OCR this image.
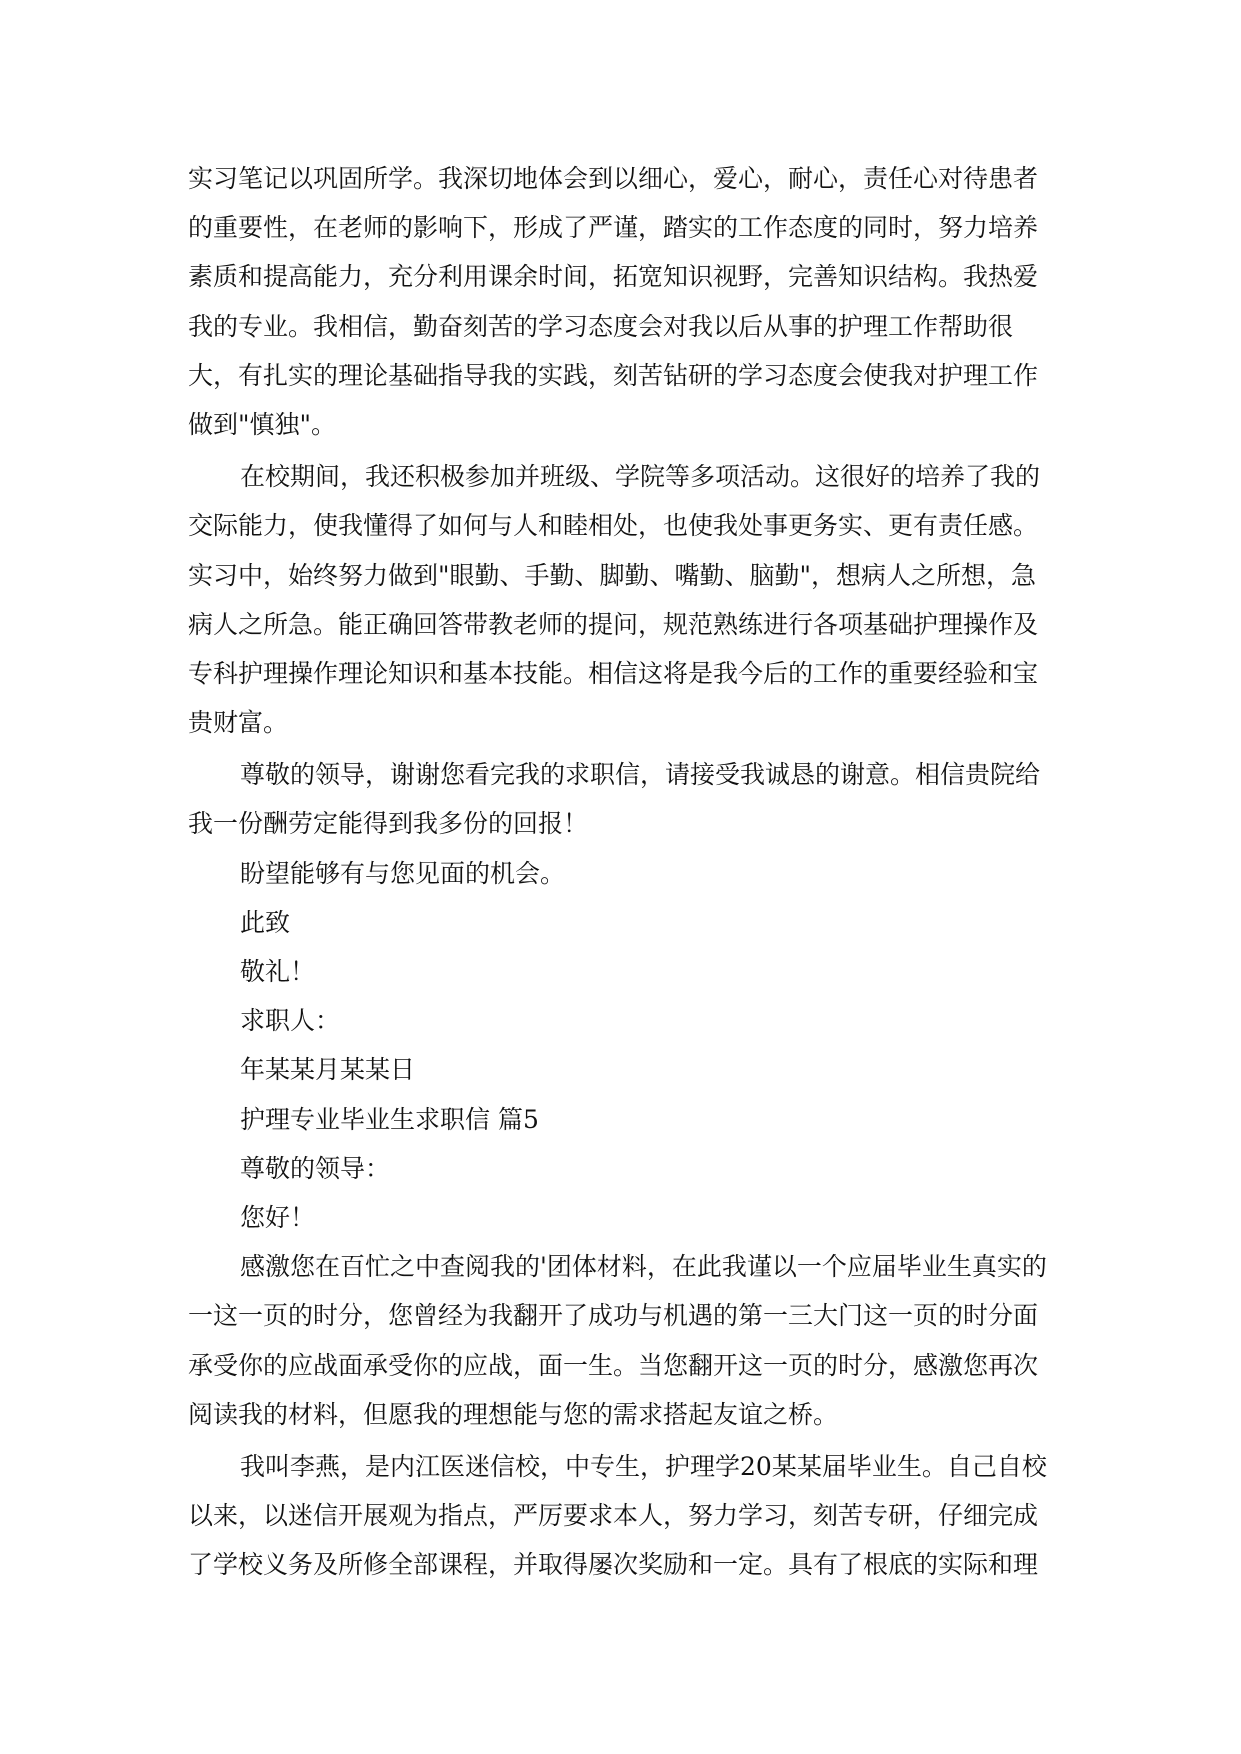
实习笔记以巩固所学。我深切地体会到以细心，爱心，耐心，责任心对待患者

的重要性，在老师的影响下，形成了严谨，踏实的工作态度的同时，努力培养

素质和提高能力，充分利用课余时间，拓宽知识视野，完善知识结构。我热爱

我的专业。我相信，勤奋刻苦的学习态度会对我以后从事的护理工作帮助很

大，有扎实的理论基础指导我的实践，刻苦钻研的学习态度会使我对护理工作

做到"慎独"。

在校期间，我还积极参加并班级、学院等多项活动。这很好的培养了我的

交际能力，使我懂得了如何与人和睦相处，也使我处事更务实、更有责任感。

实习中，始终努力做到"眼勤、手勤、脚勤、嘴勤、脑勤"，想病人之所想，急

病人之所急。能正确回答带教老师的提问，规范熟练进行各项基础护理操作及

专科护理操作理论知识和基本技能。相信这将是我今后的工作的重要经验和宝

贵财富。

尊敬的领导，谢谢您看完我的求职信，请接受我诚恳的谢意。相信贵院给

我一份酬劳定能得到我多份的回报！

盼望能够有与您见面的机会。

此致

敬礼！

求职人：

年某某月某某日

护理专业毕业生求职信 篇5

尊敬的领导：

您好！

感激您在百忙之中查阅我的'团体材料，在此我谨以一个应届毕业生真实的

一这一页的时分，您曾经为我翻开了成功与机遇的第一三大门这一页的时分面

承受你的应战面承受你的应战，面一生。当您翻开这一页的时分，感激您再次

阅读我的材料，但愿我的理想能与您的需求搭起友谊之桥。

我叫李燕，是内江医迷信校，中专生，护理学20某某届毕业生。自己自校

以来，以迷信开展观为指点，严厉要求本人，努力学习，刻苦专研，仔细完成

了学校义务及所修全部课程，并取得屡次奖励和一定。具有了根底的实际和理
